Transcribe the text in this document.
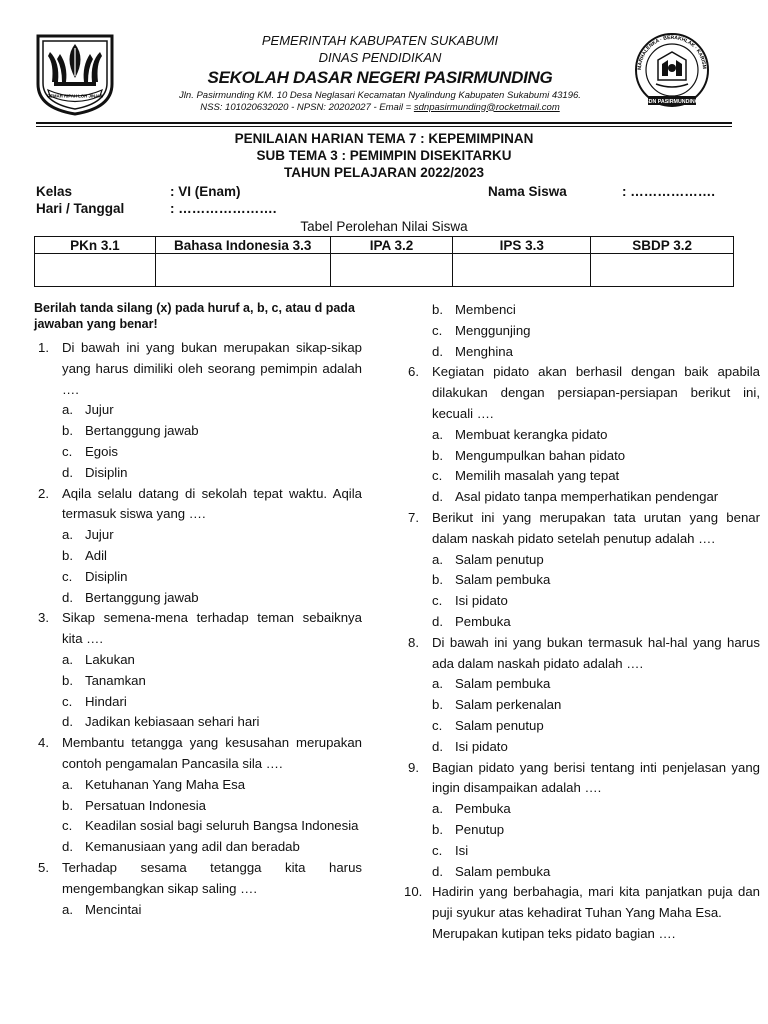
GEMAH RIPAH LOH JINAWI
MARHALENKA · BERAKHLAK · KARISM
SDN PASIRMUNDING
PEMERINTAH KABUPATEN SUKABUMI
DINAS PENDIDIKAN
SEKOLAH DASAR NEGERI PASIRMUNDING
Jln. Pasirmunding KM. 10 Desa Neglasari Kecamatan Nyalindung Kabupaten Sukabumi 43196.
NSS: 101020632020 - NPSN: 20202027 - Email = sdnpasirmunding@rocketmail.com
PENILAIAN HARIAN TEMA 7 : KEPEMIMPINAN
SUB TEMA 3 : PEMIMPIN DISEKITARKU
TAHUN PELAJARAN 2022/2023
Kelas	: VI (Enam)	Nama Siswa	: ……………….
Hari / Tanggal	: ………………….
Tabel Perolehan Nilai Siswa
PKn 3.1	Bahasa Indonesia 3.3	IPA 3.2	IPS 3.3	SBDP 3.2

Berilah tanda silang (x) pada huruf a, b, c, atau d pada jawaban yang benar!
1. Di bawah ini yang bukan merupakan sikap-sikap yang harus dimiliki oleh seorang pemimpin adalah ….
a. Jujur
b. Bertanggung jawab
c. Egois
d. Disiplin
2. Aqila selalu datang di sekolah tepat waktu. Aqila termasuk siswa yang ….
a. Jujur
b. Adil
c. Disiplin
d. Bertanggung jawab
3. Sikap semena-mena terhadap teman sebaiknya kita ….
a. Lakukan
b. Tanamkan
c. Hindari
d. Jadikan kebiasaan sehari hari
4. Membantu tetangga yang kesusahan merupakan contoh pengamalan Pancasila sila ….
a. Ketuhanan Yang Maha Esa
b. Persatuan Indonesia
c. Keadilan sosial bagi seluruh Bangsa Indonesia
d. Kemanusiaan yang adil dan beradab
5. Terhadap sesama tetangga kita harus mengembangkan sikap saling ….
a. Mencintai
b. Membenci
c. Menggunjing
d. Menghina
6. Kegiatan pidato akan berhasil dengan baik apabila dilakukan dengan persiapan-persiapan berikut ini, kecuali ….
a. Membuat kerangka pidato
b. Mengumpulkan bahan pidato
c. Memilih masalah yang tepat
d. Asal pidato tanpa memperhatikan pendengar
7. Berikut ini yang merupakan tata urutan yang benar dalam naskah pidato setelah penutup adalah ….
a. Salam penutup
b. Salam pembuka
c. Isi pidato
d. Pembuka
8. Di bawah ini yang bukan termasuk hal-hal yang harus ada dalam naskah pidato adalah ….
a. Salam pembuka
b. Salam perkenalan
c. Salam penutup
d. Isi pidato
9. Bagian pidato yang berisi tentang inti penjelasan yang ingin disampaikan adalah ….
a. Pembuka
b. Penutup
c. Isi
d. Salam pembuka
10. Hadirin yang berbahagia, mari kita panjatkan puja dan puji syukur atas kehadirat Tuhan Yang Maha Esa.
Merupakan kutipan teks pidato bagian ….
